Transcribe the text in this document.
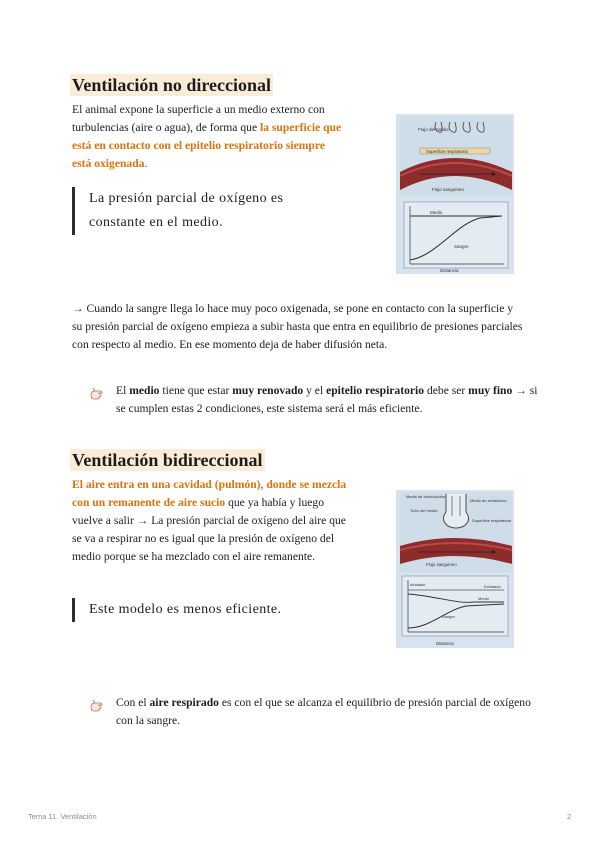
Ventilación no direccional
El animal expone la superficie a un medio externo con turbulencias (aire o agua), de forma que la superficie que está en contacto con el epitelio respiratorio siempre está oxigenada.
La presión parcial de oxígeno es constante en el medio.
Flujo del medio
Superficie respiratoria
Flujo sanguíneo
Medio
Sangre
Distancia
→ Cuando la sangre llega lo hace muy poco oxigenada, se pone en contacto con la superficie y su presión parcial de oxígeno empieza a subir hasta que entra en equilibrio de presiones parciales con respecto al medio. En ese momento deja de haber difusión neta.
El medio tiene que estar muy renovado y el epitelio respiratorio debe ser muy fino → si se cumplen estas 2 condiciones, este sistema será el más eficiente.
Ventilación bidireccional
El aire entra en una cavidad (pulmón), donde se mezcla con un remanente de aire sucio que ya había y luego vuelve a salir → La presión parcial de oxígeno del aire que se va a respirar no es igual que la presión de oxígeno del medio porque se ha mezclado con el aire remanente.
Este modelo es menos eficiente.
Medio de introducción
Medio de exhalación
Tubo del medio
Superficie respiratoria
Flujo sanguíneo
Inhalado	Exhalado
Medio
Sangre
Distancia
Con el aire respirado es con el que se alcanza el equilibrio de presión parcial de oxígeno con la sangre.
Tema 11. Ventilación	2
